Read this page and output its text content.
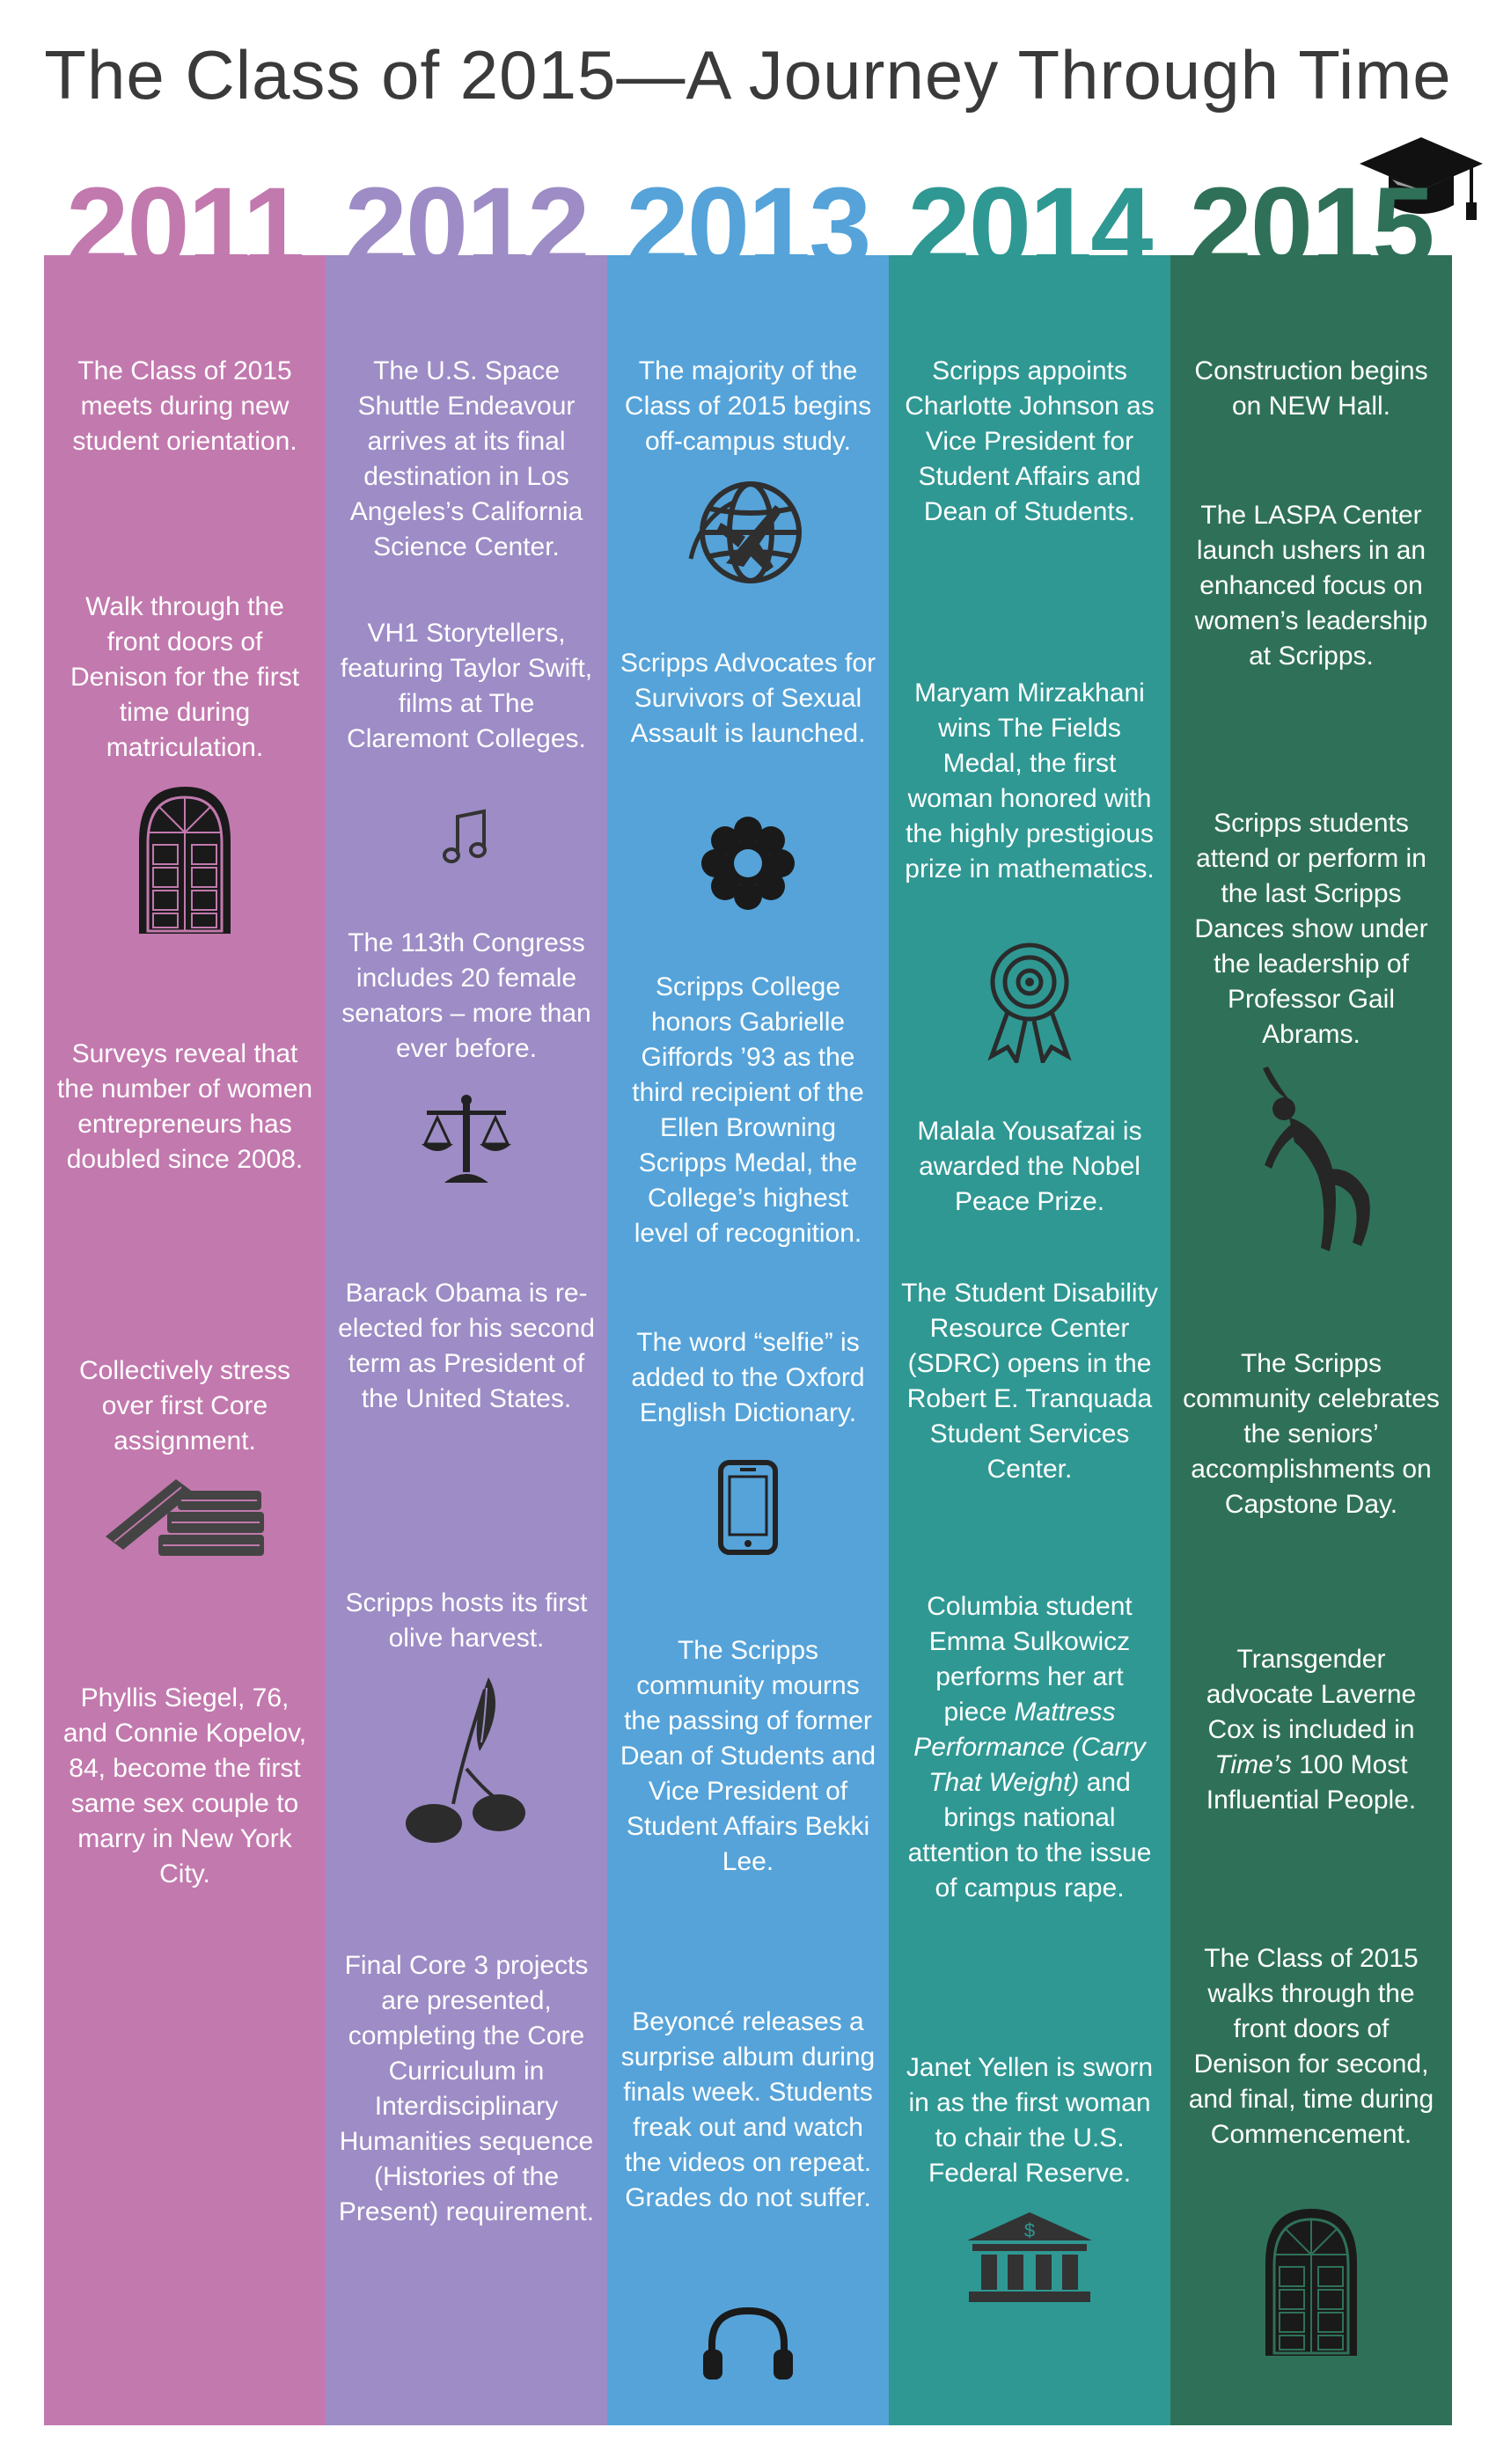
The Class of 2015—A Journey Through Time
2011

The Class of 2015 meets during new student orientation.

Walk through the front doors of Denison for the first time during matriculation.

Surveys reveal that the number of women entrepreneurs has doubled since 2008.

Collectively stress over first Core assignment.

Phyllis Siegel, 76, and Connie Kopelov, 84, become the first same sex couple to marry in New York City.

2012

The U.S. Space Shuttle Endeavour arrives at its final destination in Los Angeles’s California Science Center.

VH1 Storytellers, featuring Taylor Swift, films at The Claremont Colleges.

The 113th Congress includes 20 female senators – more than ever before.

Barack Obama is re-elected for his second term as President of the United States.

Scripps hosts its first olive harvest.

Final Core 3 projects are presented, completing the Core Curriculum in Interdisciplinary Humanities sequence (Histories of the Present) requirement.

2013

The majority of the Class of 2015 begins off-campus study.

Scripps Advocates for Survivors of Sexual Assault is launched.

Scripps College honors Gabrielle Giffords ’93 as the third recipient of the Ellen Browning Scripps Medal, the College’s highest level of recognition.

The word “selfie” is added to the Oxford English Dictionary.

The Scripps community mourns the passing of former Dean of Students and Vice President of Student Affairs Bekki Lee.

Beyoncé releases a surprise album during finals week. Students freak out and watch the videos on repeat. Grades do not suffer.

2014

Scripps appoints Charlotte Johnson as Vice President for Student Affairs and Dean of Students.

Maryam Mirzakhani wins The Fields Medal, the first woman honored with the highly prestigious prize in mathematics.

Malala Yousafzai is awarded the Nobel Peace Prize.

The Student Disability Resource Center (SDRC) opens in the Robert E. Tranquada Student Services Center.

Columbia student Emma Sulkowicz performs her art piece Mattress Performance (Carry That Weight) and brings national attention to the issue of campus rape.

Janet Yellen is sworn in as the first woman to chair the U.S. Federal Reserve.

$
2015

Construction begins on NEW Hall.

The LASPA Center launch ushers in an enhanced focus on women’s leadership at Scripps.

Scripps students attend or perform in the last Scripps Dances show under the leadership of Professor Gail Abrams.

The Scripps community celebrates the seniors’ accomplishments on Capstone Day.

Transgender advocate Laverne Cox is included in Time’s 100 Most Influential People.

The Class of 2015 walks through the front doors of Denison for second, and final, time during Commencement.
